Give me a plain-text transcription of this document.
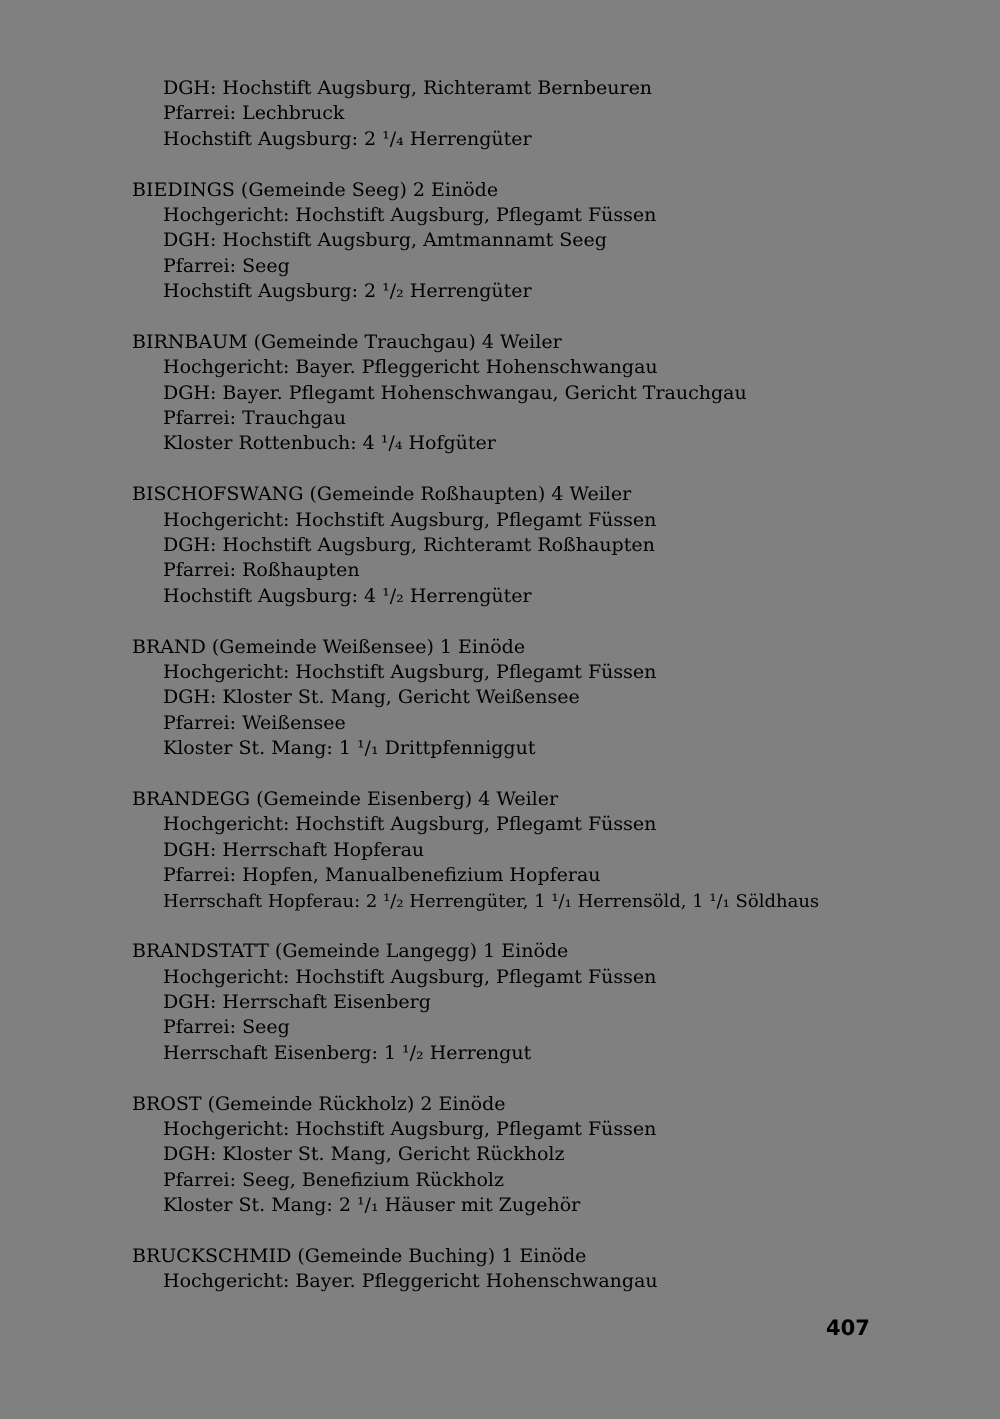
DGH: Hochstift Augsburg, Richteramt Bernbeuren
Pfarrei: Lechbruck
Hochstift Augsburg: 2 ¹/₄ Herrengüter
BIEDINGS (Gemeinde Seeg) 2 Einöde
Hochgericht: Hochstift Augsburg, Pflegamt Füssen
DGH: Hochstift Augsburg, Amtmannamt Seeg
Pfarrei: Seeg
Hochstift Augsburg: 2 ¹/₂ Herrengüter
BIRNBAUM (Gemeinde Trauchgau) 4 Weiler
Hochgericht: Bayer. Pfleggericht Hohenschwangau
DGH: Bayer. Pflegamt Hohenschwangau, Gericht Trauchgau
Pfarrei: Trauchgau
Kloster Rottenbuch: 4 ¹/₄ Hofgüter
BISCHOFSWANG (Gemeinde Roßhaupten) 4 Weiler
Hochgericht: Hochstift Augsburg, Pflegamt Füssen
DGH: Hochstift Augsburg, Richteramt Roßhaupten
Pfarrei: Roßhaupten
Hochstift Augsburg: 4 ¹/₂ Herrengüter
BRAND (Gemeinde Weißensee) 1 Einöde
Hochgericht: Hochstift Augsburg, Pflegamt Füssen
DGH: Kloster St. Mang, Gericht Weißensee
Pfarrei: Weißensee
Kloster St. Mang: 1 ¹/₁ Drittpfenniggut
BRANDEGG (Gemeinde Eisenberg) 4 Weiler
Hochgericht: Hochstift Augsburg, Pflegamt Füssen
DGH: Herrschaft Hopferau
Pfarrei: Hopfen, Manualbenefizium Hopferau
Herrschaft Hopferau: 2 ¹/₂ Herrengüter, 1 ¹/₁ Herrensöld, 1 ¹/₁ Söldhaus
BRANDSTATT (Gemeinde Langegg) 1 Einöde
Hochgericht: Hochstift Augsburg, Pflegamt Füssen
DGH: Herrschaft Eisenberg
Pfarrei: Seeg
Herrschaft Eisenberg: 1 ¹/₂ Herrengut
BROST (Gemeinde Rückholz) 2 Einöde
Hochgericht: Hochstift Augsburg, Pflegamt Füssen
DGH: Kloster St. Mang, Gericht Rückholz
Pfarrei: Seeg, Benefizium Rückholz
Kloster St. Mang: 2 ¹/₁ Häuser mit Zugehör
BRUCKSCHMID (Gemeinde Buching) 1 Einöde
Hochgericht: Bayer. Pfleggericht Hohenschwangau
407
